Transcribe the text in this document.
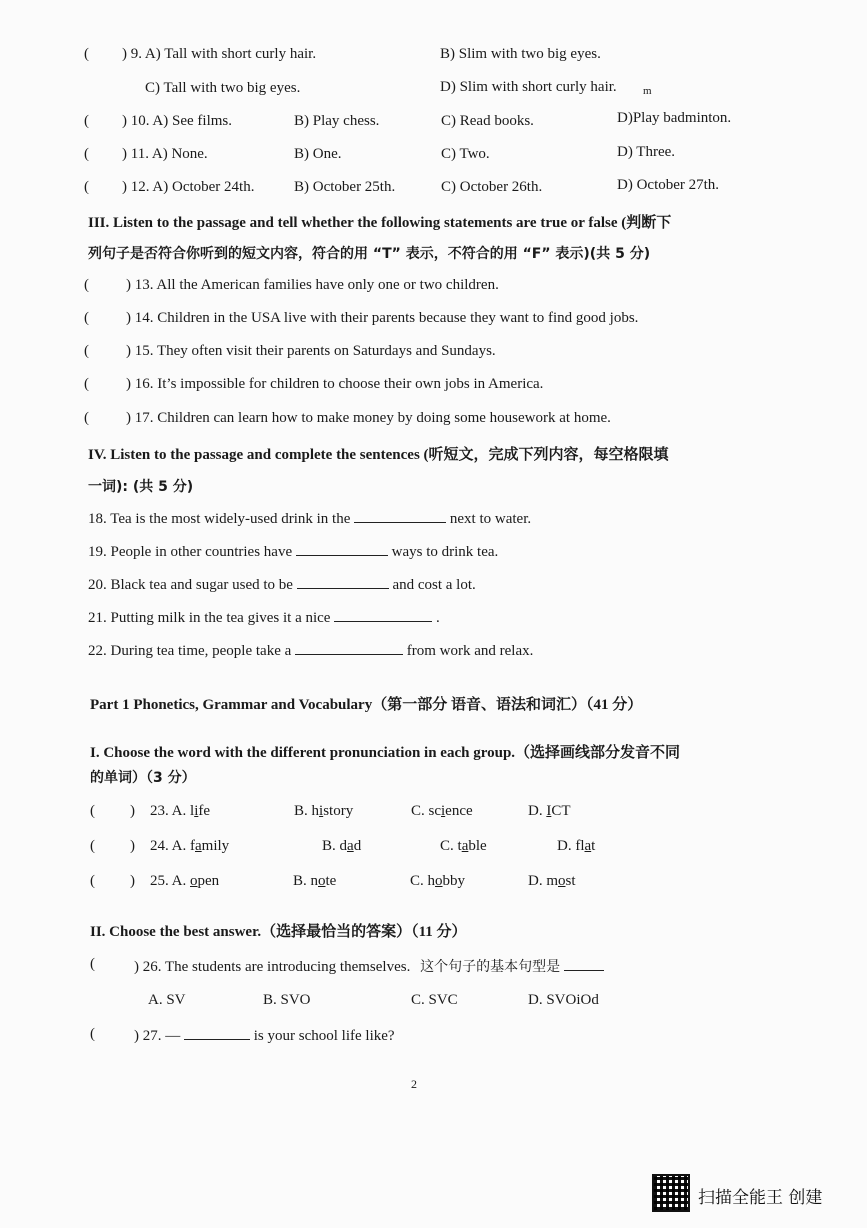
( ) 9. A) Tall with short curly hair.	B) Slim with two big eyes.
C) Tall with two big eyes.	D) Slim with short curly hair. m
( ) 10. A) See films.	B) Play chess.	C) Read books.	D)Play badminton.
( ) 11. A) None.	B) One.	C) Two.	D) Three.
( ) 12. A) October 24th.	B) October 25th.	C) October 26th.	D) October 27th.
III. Listen to the passage and tell whether the following statements are true or false (判断下
列句子是否符合你听到的短文内容，符合的用 “T” 表示，不符合的用 “F” 表示)(共 5 分)
( ) 13. All the American families have only one or two children.
( ) 14. Children in the USA live with their parents because they want to find good jobs.
( ) 15. They often visit their parents on Saturdays and Sundays.
( ) 16. It’s impossible for children to choose their own jobs in America.
( ) 17. Children can learn how to make money by doing some housework at home.
IV. Listen to the passage and complete the sentences (听短文，完成下列内容，每空格限填
一词): (共 5 分)
18. Tea is the most widely-used drink in the	next to water.
19. People in other countries have	ways to drink tea.
20. Black tea and sugar used to be	and cost a lot.
21. Putting milk in the tea gives it a nice	.
22. During tea time, people take a	from work and relax.
Part 1 Phonetics, Grammar and Vocabulary（第一部分 语音、语法和词汇）（41 分）
I. Choose the word with the different pronunciation in each group.（选择画线部分发音不同
的单词）（3 分）
( ) 23. A. life	B. history	C. science	D. ICT
( ) 24. A. family	B. dad	C. table	D. flat
( ) 25. A. open	B. note	C. hobby	D. most
II. Choose the best answer.（选择最恰当的答案）（11 分）
(	) 26. The students are introducing themselves. 这个句子的基本句型是
A. SV	B. SVO	C. SVC	D. SVOiOd
(	) 27. —	is your school life like?
2
扫描全能王 创建
